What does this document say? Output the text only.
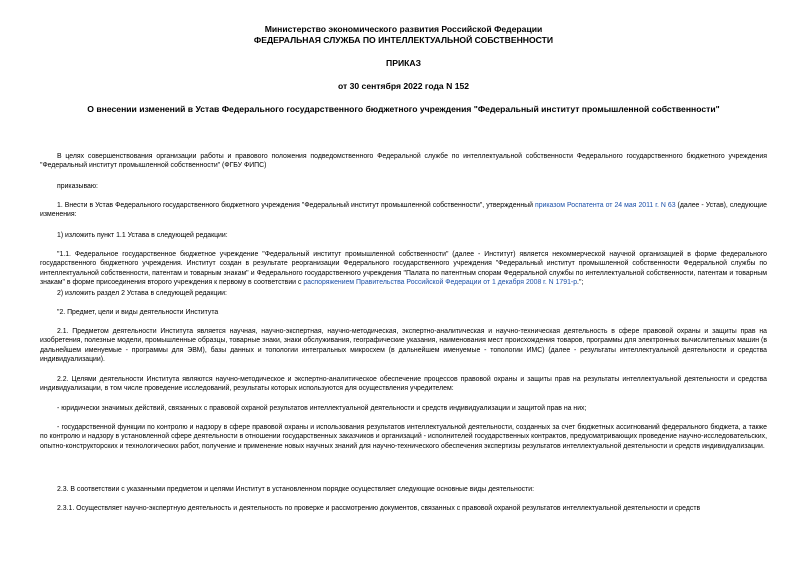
Министерство экономического развития Российской Федерации
ФЕДЕРАЛЬНАЯ СЛУЖБА ПО ИНТЕЛЛЕКТУАЛЬНОЙ СОБСТВЕННОСТИ
ПРИКАЗ
от 30 сентября 2022 года N 152
О внесении изменений в Устав Федерального государственного бюджетного учреждения "Федеральный институт промышленной собственности"
В целях совершенствования организации работы и правового положения подведомственного Федеральной службе по интеллектуальной собственности Федерального государственного бюджетного учреждения "Федеральный институт промышленной собственности" (ФГБУ ФИПС)
приказываю:
1. Внести в Устав Федерального государственного бюджетного учреждения "Федеральный институт промышленной собственности", утвержденный приказом Роспатента от 24 мая 2011 г. N 63 (далее - Устав), следующие изменения:
1) изложить пункт 1.1 Устава в следующей редакции:
"1.1. Федеральное государственное бюджетное учреждение "Федеральный институт промышленной собственности" (далее - Институт) является некоммерческой научной организацией в форме федерального государственного бюджетного учреждения. Институт создан в результате реорганизации Федерального государственного учреждения "Федеральный институт промышленной собственности Федеральной службы по интеллектуальной собственности, патентам и товарным знакам" и Федерального государственного учреждения "Палата по патентным спорам Федеральной службы по интеллектуальной собственности, патентам и товарным знакам" в форме присоединения второго учреждения к первому в соответствии с распоряжением Правительства Российской Федерации от 1 декабря 2008 г. N 1791-р.";
2) изложить раздел 2 Устава в следующей редакции:
"2. Предмет, цели и виды деятельности Института
2.1. Предметом деятельности Института является научная, научно-экспертная, научно-методическая, экспертно-аналитическая и научно-техническая деятельность в сфере правовой охраны и защиты прав на изобретения, полезные модели, промышленные образцы, товарные знаки, знаки обслуживания, географические указания, наименования мест происхождения товаров, программы для электронных вычислительных машин (в дальнейшем именуемые - программы для ЭВМ), базы данных и топологии интегральных микросхем (в дальнейшем именуемые - топологии ИМС) (далее - результаты интеллектуальной деятельности и средства индивидуализации).
2.2. Целями деятельности Института являются научно-методическое и экспертно-аналитическое обеспечение процессов правовой охраны и защиты прав на результаты интеллектуальной деятельности и средства индивидуализации, в том числе проведение исследований, результаты которых используются для осуществления учредителем:
- юридически значимых действий, связанных с правовой охраной результатов интеллектуальной деятельности и средств индивидуализации и защитой прав на них;
- государственной функции по контролю и надзору в сфере правовой охраны и использования результатов интеллектуальной деятельности, созданных за счет бюджетных ассигнований федерального бюджета, а также по контролю и надзору в установленной сфере деятельности в отношении государственных заказчиков и организаций - исполнителей государственных контрактов, предусматривающих проведение научно-исследовательских, опытно-конструкторских и технологических работ, получение и применение новых научных знаний для научно-технического обеспечения экспертизы результатов интеллектуальной деятельности и средств индивидуализации.
2.3. В соответствии с указанными предметом и целями Институт в установленном порядке осуществляет следующие основные виды деятельности:
2.3.1. Осуществляет научно-экспертную деятельность и деятельность по проверке и рассмотрению документов, связанных с правовой охраной результатов интеллектуальной деятельности и средств
